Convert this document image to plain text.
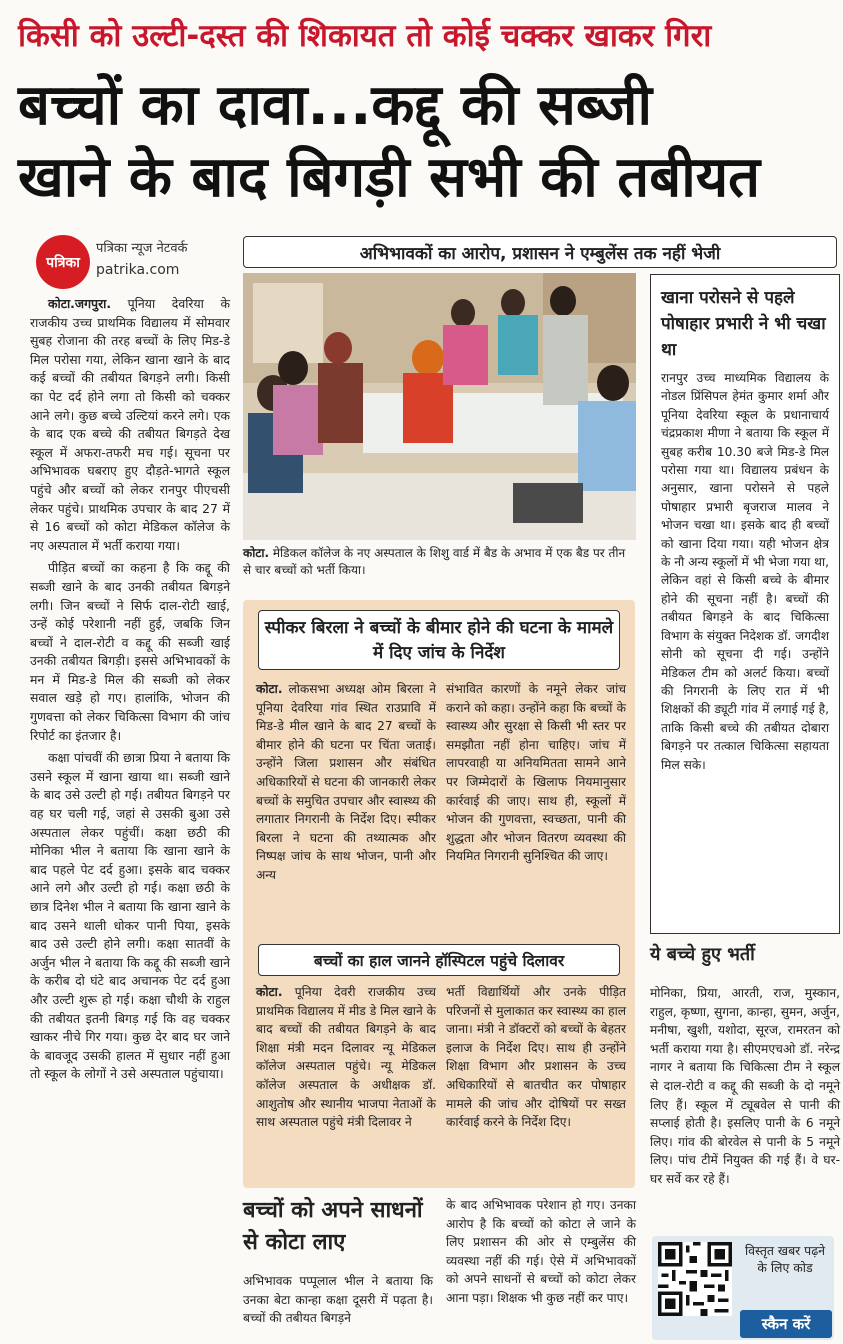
किसी को उल्टी-दस्त की शिकायत तो कोई चक्कर खाकर गिरा
बच्चों का दावा...कद्दू की सब्जी
खाने के बाद बिगड़ी सभी की तबीयत
पत्रिका
पत्रिका न्यूज नेटवर्क
patrika.com

कोटा.जगपुरा. पूनिया देवरिया के राजकीय उच्च प्राथमिक विद्यालय में सोमवार सुबह रोजाना की तरह बच्चों के लिए मिड-डे मिल परोसा गया, लेकिन खाना खाने के बाद कई बच्चों की तबीयत बिगड़ने लगी। किसी का पेट दर्द होने लगा तो किसी को चक्कर आने लगे। कुछ बच्चे उल्टियां करने लगे। एक के बाद एक बच्चे की तबीयत बिगड़ते देख स्कूल में अफरा-तफरी मच गई। सूचना पर अभिभावक घबराए हुए दौड़ते-भागते स्कूल पहुंचे और बच्चों को लेकर रानपुर पीएचसी लेकर पहुंचे। प्राथमिक उपचार के बाद 27 में से 16 बच्चों को कोटा मेडिकल कॉलेज के नए अस्पताल में भर्ती कराया गया।

पीड़ित बच्चों का कहना है कि कद्दू की सब्जी खाने के बाद उनकी तबीयत बिगड़ने लगी। जिन बच्चों ने सिर्फ दाल-रोटी खाई, उन्हें कोई परेशानी नहीं हुई, जबकि जिन बच्चों ने दाल-रोटी व कद्दू की सब्जी खाई उनकी तबीयत बिगड़ी। इससे अभिभावकों के मन में मिड-डे मिल की सब्जी को लेकर सवाल खड़े हो गए। हालांकि, भोजन की गुणवत्ता को लेकर चिकित्सा विभाग की जांच रिपोर्ट का इंतजार है।

कक्षा पांचवीं की छात्रा प्रिया ने बताया कि उसने स्कूल में खाना खाया था। सब्जी खाने के बाद उसे उल्टी हो गई। तबीयत बिगड़ने पर वह घर चली गई, जहां से उसकी बुआ उसे अस्पताल लेकर पहुंचीं। कक्षा छठी की मोनिका भील ने बताया कि खाना खाने के बाद पहले पेट दर्द हुआ। इसके बाद चक्कर आने लगे और उल्टी हो गई। कक्षा छठी के छात्र दिनेश भील ने बताया कि खाना खाने के बाद उसने थाली धोकर पानी पिया, इसके बाद उसे उल्टी होने लगी। कक्षा सातवीं के अर्जुन भील ने बताया कि कद्दू की सब्जी खाने के करीब दो घंटे बाद अचानक पेट दर्द हुआ और उल्टी शुरू हो गई। कक्षा चौथी के राहुल की तबीयत इतनी बिगड़ गई कि वह चक्कर खाकर नीचे गिर गया। कुछ देर बाद घर जाने के बावजूद उसकी हालत में सुधार नहीं हुआ तो स्कूल के लोगों ने उसे अस्पताल पहुंचाया।

अभिभावकों का आरोप, प्रशासन ने एम्बुलेंस तक नहीं भेजी
कोटा. मेडिकल कॉलेज के नए अस्पताल के शिशु वार्ड में बैड के अभाव में एक बैड पर तीन से चार बच्चों को भर्ती किया।
खाना परोसने से पहले पोषाहार प्रभारी ने भी चखा था
रानपुर उच्च माध्यमिक विद्यालय के नोडल प्रिंसिपल हेमंत कुमार शर्मा और पूनिया देवरिया स्कूल के प्रधानाचार्य चंद्रप्रकाश मीणा ने बताया कि स्कूल में सुबह करीब 10.30 बजे मिड-डे मिल परोसा गया था। विद्यालय प्रबंधन के अनुसार, खाना परोसने से पहले पोषाहार प्रभारी बृजराज मालव ने भोजन चखा था। इसके बाद ही बच्चों को खाना दिया गया। यही भोजन क्षेत्र के नौ अन्य स्कूलों में भी भेजा गया था, लेकिन वहां से किसी बच्चे के बीमार होने की सूचना नहीं है। बच्चों की तबीयत बिगड़ने के बाद चिकित्सा विभाग के संयुक्त निदेशक डॉ. जगदीश सोनी को सूचना दी गई। उन्होंने मेडिकल टीम को अलर्ट किया। बच्चों की निगरानी के लिए रात में भी शिक्षकों की ड्यूटी गांव में लगाई गई है, ताकि किसी बच्चे की तबीयत दोबारा बिगड़ने पर तत्काल चिकित्सा सहायता मिल सके।
स्पीकर बिरला ने बच्चों के बीमार होने की घटना के मामले में दिए जांच के निर्देश

कोटा. लोकसभा अध्यक्ष ओम बिरला ने पूनिया देवरिया गांव स्थित राउप्रावि में मिड-डे मील खाने के बाद 27 बच्चों के बीमार होने की घटना पर चिंता जताई। उन्होंने जिला प्रशासन और संबंधित अधिकारियों से घटना की जानकारी लेकर बच्चों के समुचित उपचार और स्वास्थ्य की लगातार निगरानी के निर्देश दिए। स्पीकर बिरला ने घटना की तथ्यात्मक और निष्पक्ष जांच के साथ भोजन, पानी और अन्य

संभावित कारणों के नमूने लेकर जांच कराने को कहा। उन्होंने कहा कि बच्चों के स्वास्थ्य और सुरक्षा से किसी भी स्तर पर समझौता नहीं होना चाहिए। जांच में लापरवाही या अनियमितता सामने आने पर जिम्मेदारों के खिलाफ नियमानुसार कार्रवाई की जाए। साथ ही, स्कूलों में भोजन की गुणवत्ता, स्वच्छता, पानी की शुद्धता और भोजन वितरण व्यवस्था की नियमित निगरानी सुनिश्चित की जाए।

बच्चों का हाल जानने हॉस्पिटल पहुंचे दिलावर

कोटा. पूनिया देवरी राजकीय उच्च प्राथमिक विद्यालय में मीड डे मिल खाने के बाद बच्चों की तबीयत बिगड़ने के बाद शिक्षा मंत्री मदन दिलावर न्यू मेडिकल कॉलेज अस्पताल पहुंचे। न्यू मेडिकल कॉलेज अस्पताल के अधीक्षक डॉ. आशुतोष और स्थानीय भाजपा नेताओं के साथ अस्पताल पहुंचे मंत्री दिलावर ने

भर्ती विद्यार्थियों और उनके पीड़ित परिजनों से मुलाकात कर स्वास्थ्य का हाल जाना। मंत्री ने डॉक्टरों को बच्चों के बेहतर इलाज के निर्देश दिए। साथ ही उन्होंने शिक्षा विभाग और प्रशासन के उच्च अधिकारियों से बातचीत कर पोषाहार मामले की जांच और दोषियों पर सख्त कार्रवाई करने के निर्देश दिए।

बच्चों को अपने साधनों से कोटा लाए

अभिभावक पप्पूलाल भील ने बताया कि उनका बेटा कान्हा कक्षा दूसरी में पढ़ता है। बच्चों की तबीयत बिगड़ने

के बाद अभिभावक परेशान हो गए। उनका आरोप है कि बच्चों को कोटा ले जाने के लिए प्रशासन की ओर से एम्बुलेंस की व्यवस्था नहीं की गई। ऐसे में अभिभावकों को अपने साधनों से बच्चों को कोटा लेकर आना पड़ा। शिक्षक भी कुछ नहीं कर पाए।

ये बच्चे हुए भर्ती
मोनिका, प्रिया, आरती, राज, मुस्कान, राहुल, कृष्णा, सुगना, कान्हा, सुमन, अर्जुन, मनीषा, खुशी, यशोदा, सूरज, रामरतन को भर्ती कराया गया है। सीएमएचओ डॉ. नरेन्द्र नागर ने बताया कि चिकित्सा टीम ने स्कूल से दाल-रोटी व कद्दू की सब्जी के दो नमूने लिए हैं। स्कूल में ट्यूबवेल से पानी की सप्लाई होती है। इसलिए पानी के 6 नमूने लिए। गांव की बोरवेल से पानी के 5 नमूने लिए। पांच टीमें नियुक्त की गई हैं। वे घर-घर सर्वे कर रहे हैं।
विस्तृत खबर पढ़ने के लिए कोड
स्कैन करें
